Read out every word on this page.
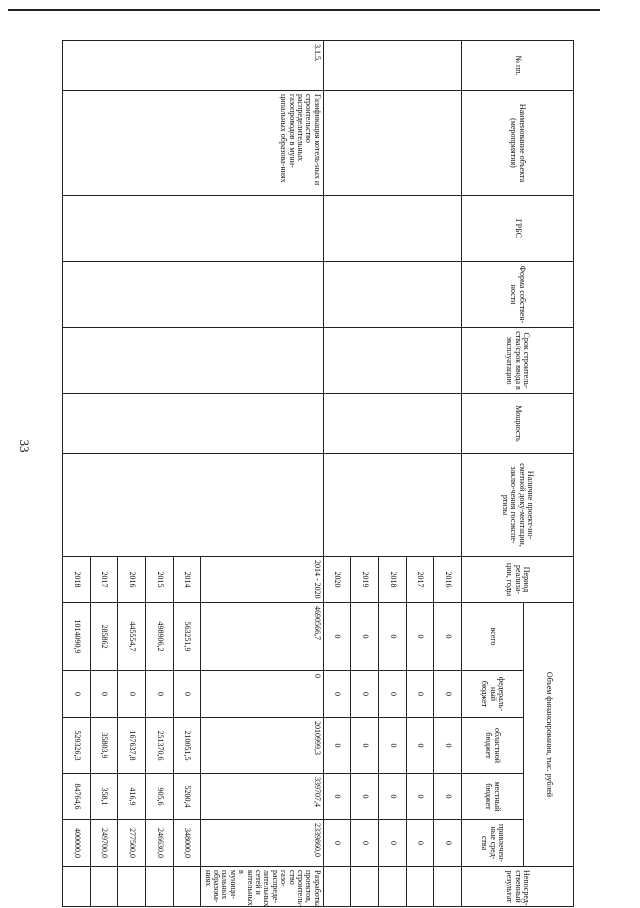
33
№ пп.	Наименование объекта (мероприятия)	ГРБС	Форма собствен-ности	Срок строитель-ства/срок ввода в эксплуатацию	Мощность	Наличие проект-но-сметной доку-ментации, заклю-чения госэкспе-ртизы	Период реализа-ции, годы	Объем финансирования, тыс. рублей					Непосред-ственный результат
								всего	федераль-ный бюджет	областной бюджет	местный бюджет	привлечен-ные сред-ства	
							2016	0	0	0	0	0	
							2017	0	0	0	0	0	
							2018	0	0	0	0	0	
							2019	0	0	0	0	0	
							2020	0	0	0	0	0	
3.1.5.	Газификация котель-ных и строительство распределительных газопроводов в муни-ципальных образова-ниях						2014 - 2020	4690566,7	0	2010999,3	339707,4	2339860,0	Разработка проектов, строитель-ство газо-распреде-лительных сетей и котельных в муници-пальных образова-ниях
							2014	563251,9	0	210051,5	5200,4	348000,0	
							2015	498906,2	0	251370,6	905,6	246630,0	
							2016	445554,7	0	167637,8	416,9	277500,0	
							2017	285862	0	35803,9	358,1	249700,0	
							2018	1014090,9	0	529326,3	84764,6	400000,0	
